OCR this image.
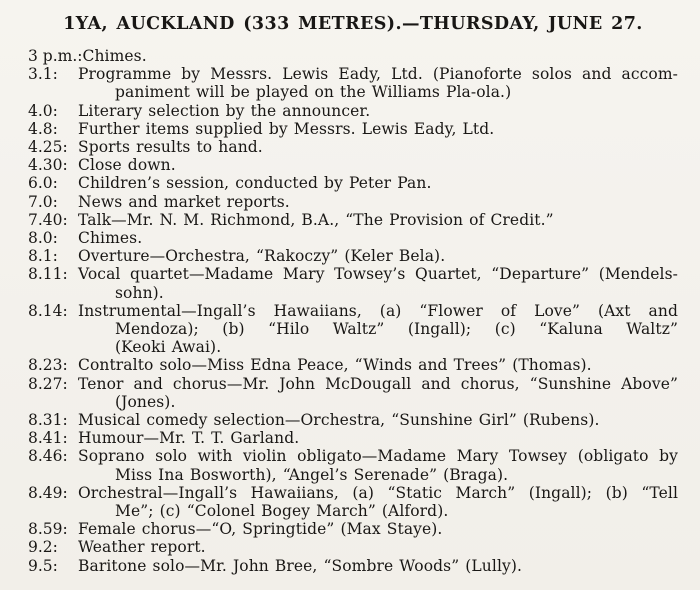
1YA, AUCKLAND (333 METRES).—THURSDAY, JUNE 27.
3 p.m.: Chimes.
3.1:	Programme by Messrs. Lewis Eady, Ltd. (Pianoforte solos and accom-
paniment will be played on the Williams Pla-ola.)
4.0:	Literary selection by the announcer.
4.8:	Further items supplied by Messrs. Lewis Eady, Ltd.
4.25: Sports results to hand.
4.30: Close down.
6.0:	Children’s session, conducted by Peter Pan.
7.0:	News and market reports.
7.40: Talk—Mr. N. M. Richmond, B.A., “The Provision of Credit.”
8.0:	Chimes.
8.1:	Overture—Orchestra, “Rakoczy” (Keler Bela).
8.11: Vocal quartet—Madame Mary Towsey’s Quartet, “Departure” (Mendels-
sohn).
8.14: Instrumental—Ingall’s Hawaiians, (a) “Flower of Love” (Axt and
Mendoza); (b) “Hilo Waltz” (Ingall); (c) “Kaluna Waltz”
(Keoki Awai).
8.23: Contralto solo—Miss Edna Peace, “Winds and Trees” (Thomas).
8.27: Tenor and chorus—Mr. John McDougall and chorus, “Sunshine Above”
(Jones).
8.31: Musical comedy selection—Orchestra, “Sunshine Girl” (Rubens).
8.41: Humour—Mr. T. T. Garland.
8.46: Soprano solo with violin obligato—Madame Mary Towsey (obligato by
Miss Ina Bosworth), “Angel’s Serenade” (Braga).
8.49: Orchestral—Ingall’s Hawaiians, (a) “Static March” (Ingall); (b) “Tell
Me”; (c) “Colonel Bogey March” (Alford).
8.59: Female chorus—“O, Springtide” (Max Staye).
9.2:	Weather report.
9.5:	Baritone solo—Mr. John Bree, “Sombre Woods” (Lully).
